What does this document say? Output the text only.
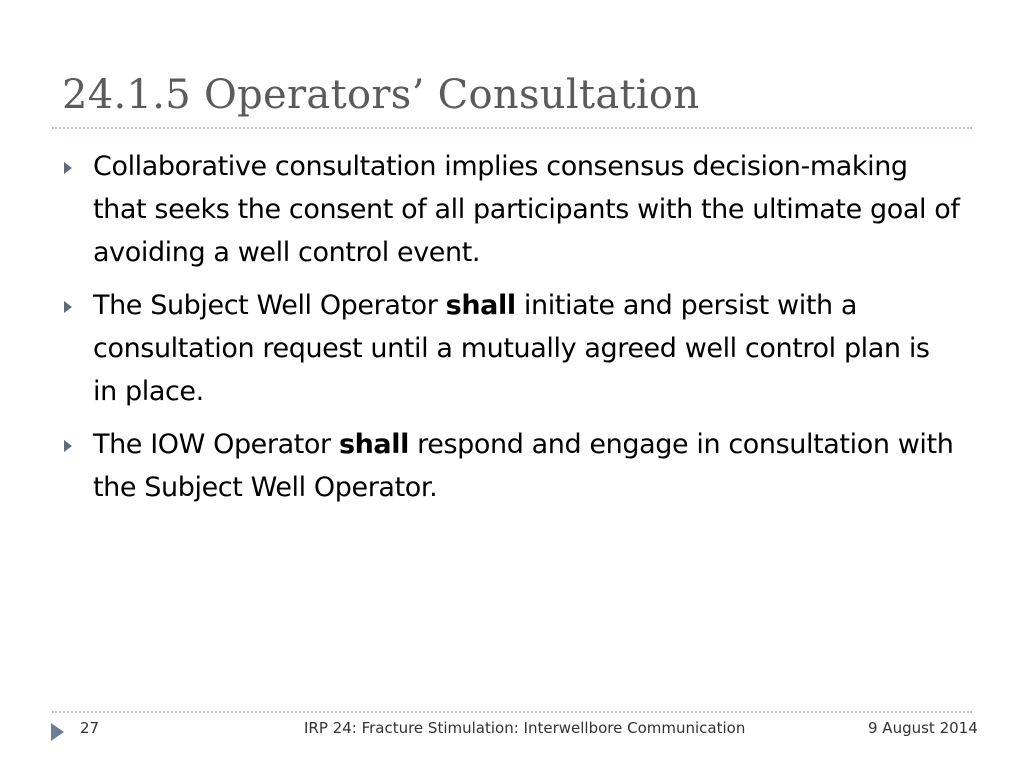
24.1.5 Operators’ Consultation
Collaborative consultation implies consensus decision-making that seeks the consent of all participants with the ultimate goal of avoiding a well control event.
The Subject Well Operator shall initiate and persist with a consultation request until a mutually agreed well control plan is in place.
The IOW Operator shall respond and engage in consultation with the Subject Well Operator.
27	IRP 24: Fracture Stimulation: Interwellbore Communication	9 August 2014
